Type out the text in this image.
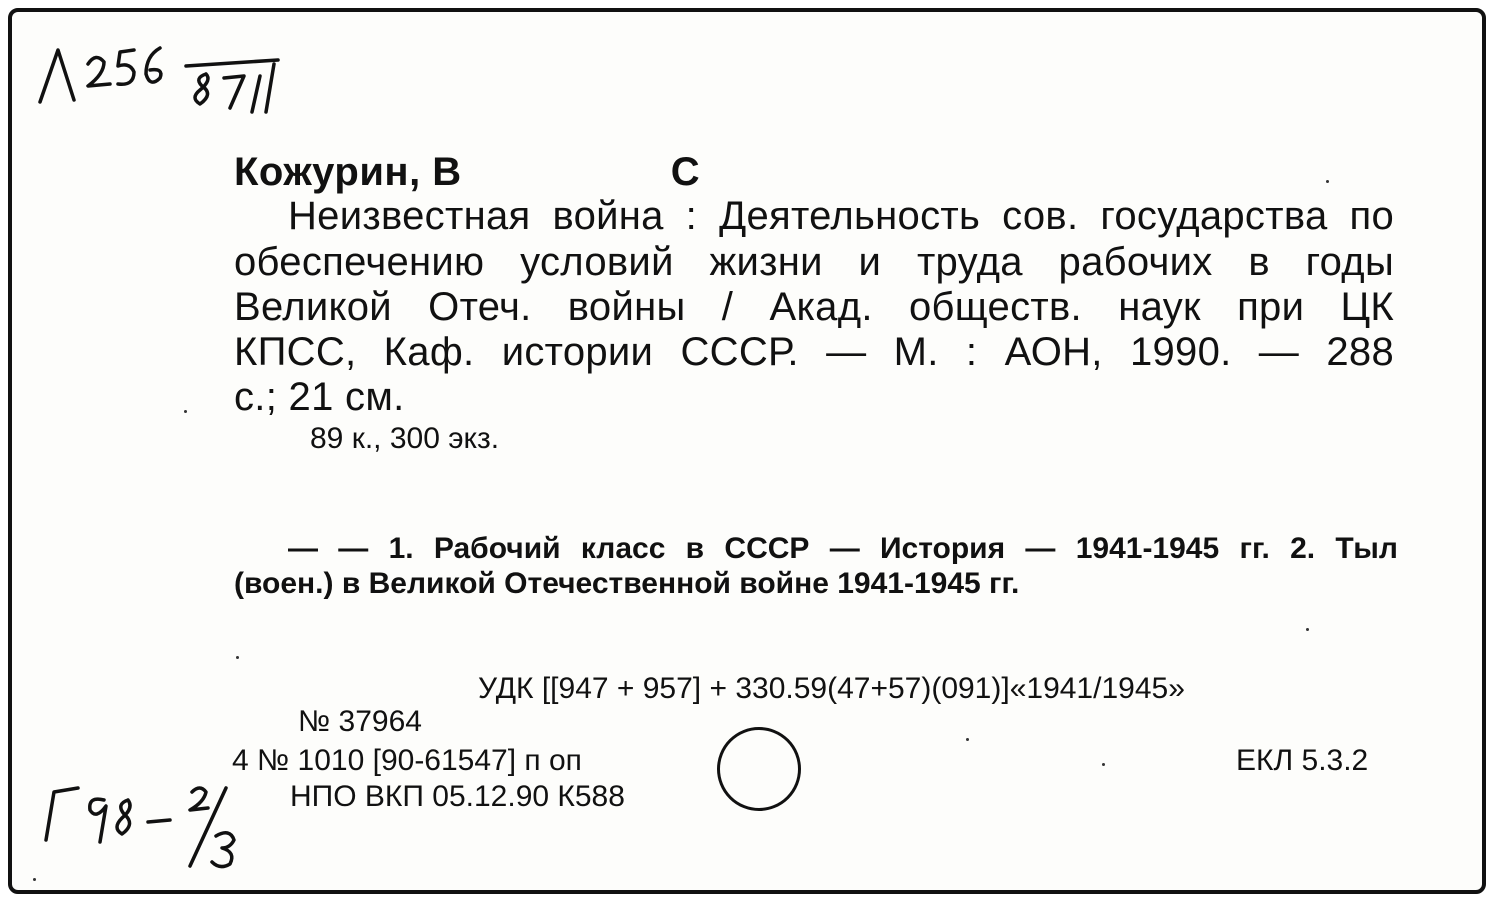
Кожурин, В                  С
Неизвестная война : Деятельность сов. государства по
обеспечению условий жизни и труда рабочих в годы
Великой Отеч. войны / Акад. обществ. наук при ЦК
КПСС, Каф. истории СССР. — М. : АОН, 1990. — 288
с.; 21 см.
89 к., 300 экз.
— — 1. Рабочий класс в СССР — История — 1941-1945 гг. 2. Тыл
(воен.) в Великой Отечественной войне 1941-1945 гг.
УДК [[947 + 957] + 330.59(47+57)(091)]«1941/1945»
№ 37964
4 № 1010 [90-61547] п оп
НПО ВКП 05.12.90 К588
ЕКЛ 5.3.2
